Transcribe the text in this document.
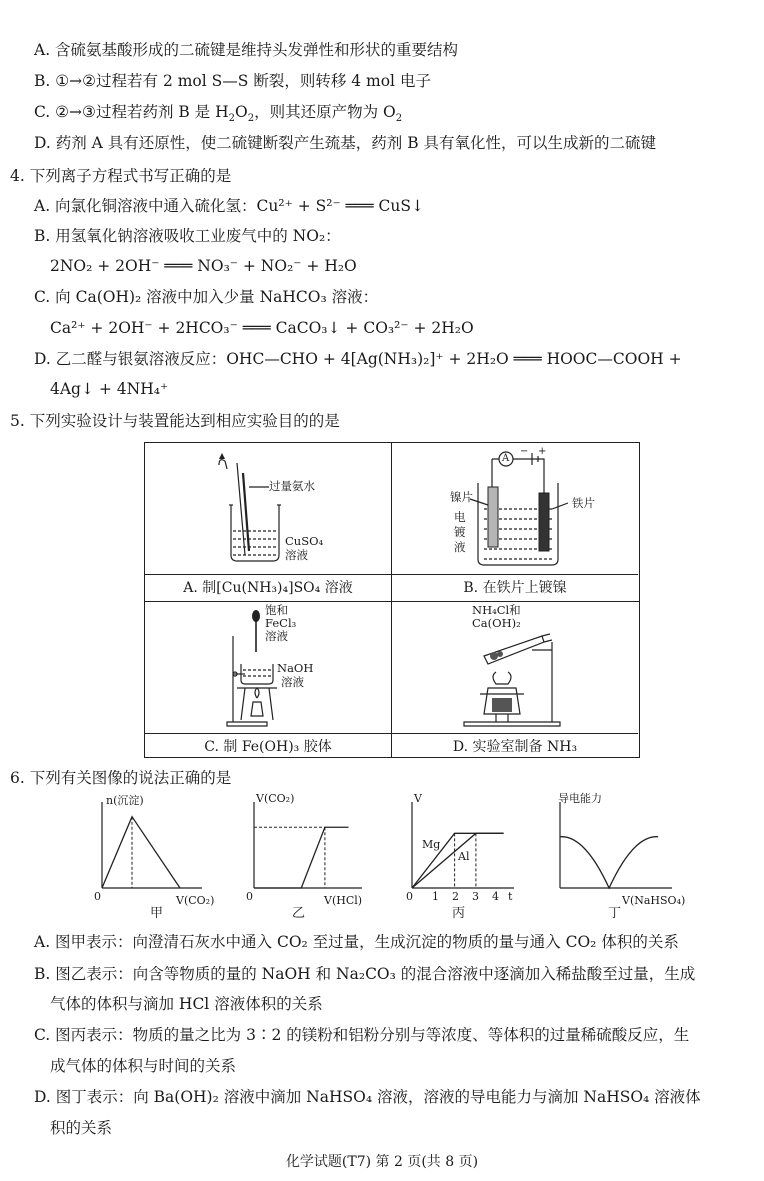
A. 含硫氨基酸形成的二硫键是维持头发弹性和形状的重要结构
B. ①→②过程若有 2 mol S—S 断裂，则转移 4 mol 电子
C. ②→③过程若药剂 B 是 $H_2O_2$，则其还原产物为 $O_2$
D. 药剂 A 具有还原性，使二硫键断裂产生巯基，药剂 B 具有氧化性，可以生成新的二硫键
4. 下列离子方程式书写正确的是
A. 向氯化铜溶液中通入硫化氢：Cu²⁺ + S²⁻ ═══ CuS↓
B. 用氢氧化钠溶液吸收工业废气中的 NO₂：
2NO₂ + 2OH⁻ ═══ NO₃⁻ + NO₂⁻ + H₂O
C. 向 Ca(OH)₂ 溶液中加入少量 NaHCO₃ 溶液：
Ca²⁺ + 2OH⁻ + 2HCO₃⁻ ═══ CaCO₃↓ + CO₃²⁻ + 2H₂O
D. 乙二醛与银氨溶液反应：OHC—CHO + 4[Ag(NH₃)₂]⁺ + 2H₂O ═══ HOOC—COOH +
4Ag↓ + 4NH₄⁺
5. 下列实验设计与装置能达到相应实验目的的是
过量氨水
CuSO₄
溶液
A. 制[Cu(NH₃)₄]SO₄ 溶液
A
− +
镍片
电
镀
液
铁片
B. 在铁片上镀镍
饱和
FeCl₃
溶液
NaOH
溶液
C. 制 Fe(OH)₃ 胶体
NH₄Cl和
Ca(OH)₂
D. 实验室制备 NH₃
6. 下列有关图像的说法正确的是
n(沉淀)
V(CO₂)
0
甲
V(CO₂)
V(HCl)
0
乙
V
t
0 1 2 3 4
Mg
Al
丙
导电能力
V(NaHSO₄)
丁
A. 图甲表示：向澄清石灰水中通入 CO₂ 至过量，生成沉淀的物质的量与通入 CO₂ 体积的关系
B. 图乙表示：向含等物质的量的 NaOH 和 Na₂CO₃ 的混合溶液中逐滴加入稀盐酸至过量，生成
气体的体积与滴加 HCl 溶液体积的关系
C. 图丙表示：物质的量之比为 3∶2 的镁粉和铝粉分别与等浓度、等体积的过量稀硫酸反应，生
成气体的体积与时间的关系
D. 图丁表示：向 Ba(OH)₂ 溶液中滴加 NaHSO₄ 溶液，溶液的导电能力与滴加 NaHSO₄ 溶液体
积的关系
化学试题(T7) 第 2 页(共 8 页)
